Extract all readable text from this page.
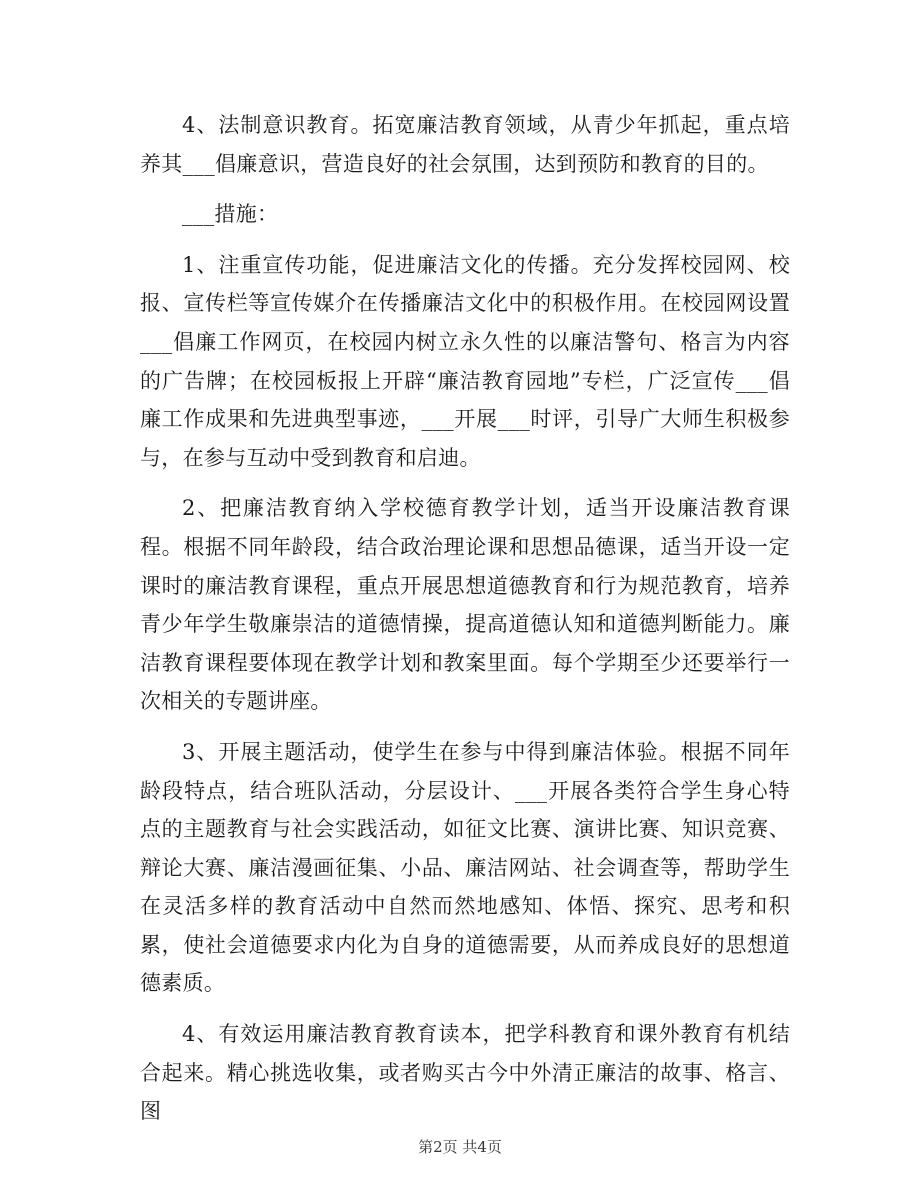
4、法制意识教育。拓宽廉洁教育领域，从青少年抓起，重点培养其___倡廉意识，营造良好的社会氛围，达到预防和教育的目的。

___措施：

1、注重宣传功能，促进廉洁文化的传播。充分发挥校园网、校报、宣传栏等宣传媒介在传播廉洁文化中的积极作用。在校园网设置___倡廉工作网页，在校园内树立永久性的以廉洁警句、格言为内容的广告牌；在校园板报上开辟“廉洁教育园地”专栏，广泛宣传___倡廉工作成果和先进典型事迹，___开展___时评，引导广大师生积极参与，在参与互动中受到教育和启迪。

2、把廉洁教育纳入学校德育教学计划，适当开设廉洁教育课程。根据不同年龄段，结合政治理论课和思想品德课，适当开设一定课时的廉洁教育课程，重点开展思想道德教育和行为规范教育，培养青少年学生敬廉崇洁的道德情操，提高道德认知和道德判断能力。廉洁教育课程要体现在教学计划和教案里面。每个学期至少还要举行一次相关的专题讲座。

3、开展主题活动，使学生在参与中得到廉洁体验。根据不同年龄段特点，结合班队活动，分层设计、___开展各类符合学生身心特点的主题教育与社会实践活动，如征文比赛、演讲比赛、知识竞赛、辩论大赛、廉洁漫画征集、小品、廉洁网站、社会调查等，帮助学生在灵活多样的教育活动中自然而然地感知、体悟、探究、思考和积累，使社会道德要求内化为自身的道德需要，从而养成良好的思想道德素质。

4、有效运用廉洁教育教育读本，把学科教育和课外教育有机结合起来。精心挑选收集，或者购买古今中外清正廉洁的故事、格言、图

第2页 共4页
